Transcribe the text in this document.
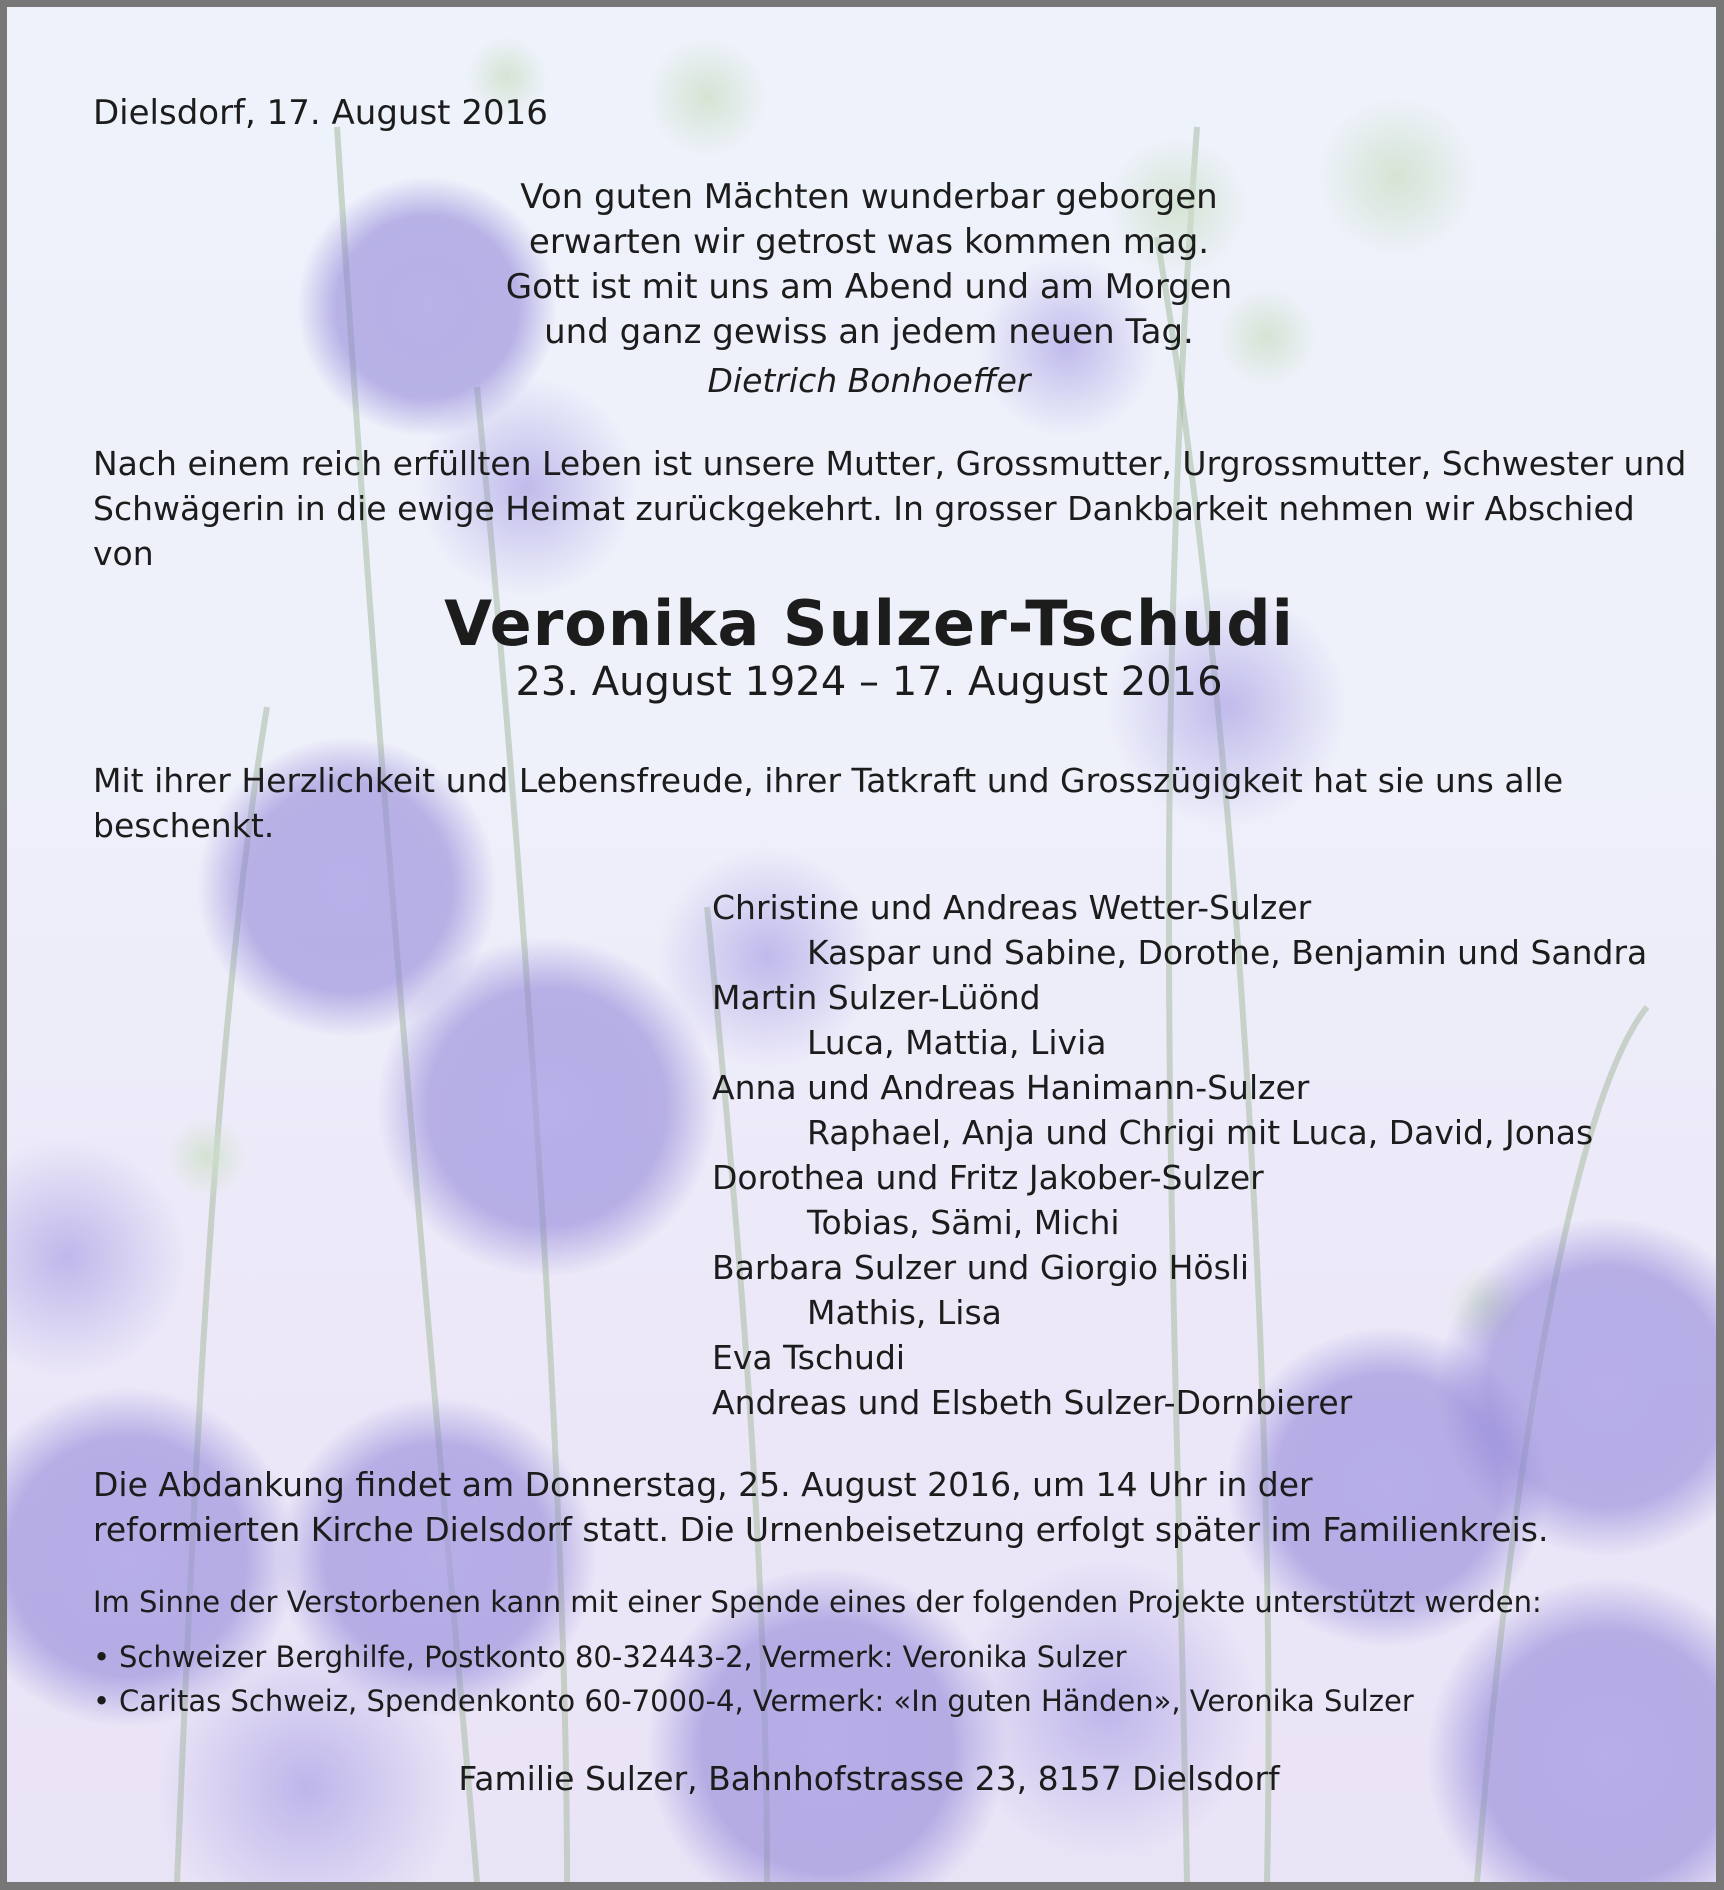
Dielsdorf, 17. August 2016

Von guten Mächten wunderbar geborgen
erwarten wir getrost was kommen mag.
Gott ist mit uns am Abend und am Morgen
und ganz gewiss an jedem neuen Tag.

Dietrich Bonhoeffer

Nach einem reich erfüllten Leben ist unsere Mutter, Grossmutter, Urgrossmutter, Schwester und
Schwägerin in die ewige Heimat zurückgekehrt. In grosser Dankbarkeit nehmen wir Abschied
von

Veronika Sulzer-Tschudi

23. August 1924 – 17. August 2016

Mit ihrer Herzlichkeit und Lebensfreude, ihrer Tatkraft und Grosszügigkeit hat sie uns alle
beschenkt.
Christine und Andreas Wetter-Sulzer
Kaspar und Sabine, Dorothe, Benjamin und Sandra
Martin Sulzer-Lüönd
Luca, Mattia, Livia
Anna und Andreas Hanimann-Sulzer
Raphael, Anja und Chrigi mit Luca, David, Jonas
Dorothea und Fritz Jakober-Sulzer
Tobias, Sämi, Michi
Barbara Sulzer und Giorgio Hösli
Mathis, Lisa
Eva Tschudi
Andreas und Elsbeth Sulzer-Dornbierer
Die Abdankung findet am Donnerstag, 25. August 2016, um 14 Uhr in der
reformierten Kirche Dielsdorf statt. Die Urnenbeisetzung erfolgt später im Familienkreis.

Im Sinne der Verstorbenen kann mit einer Spende eines der folgenden Projekte unterstützt werden:

• Schweizer Berghilfe, Postkonto 80-32443-2, Vermerk: Veronika Sulzer
• Caritas Schweiz, Spendenkonto 60-7000-4, Vermerk: «In guten Händen», Veronika Sulzer

Familie Sulzer, Bahnhofstrasse 23, 8157 Dielsdorf
